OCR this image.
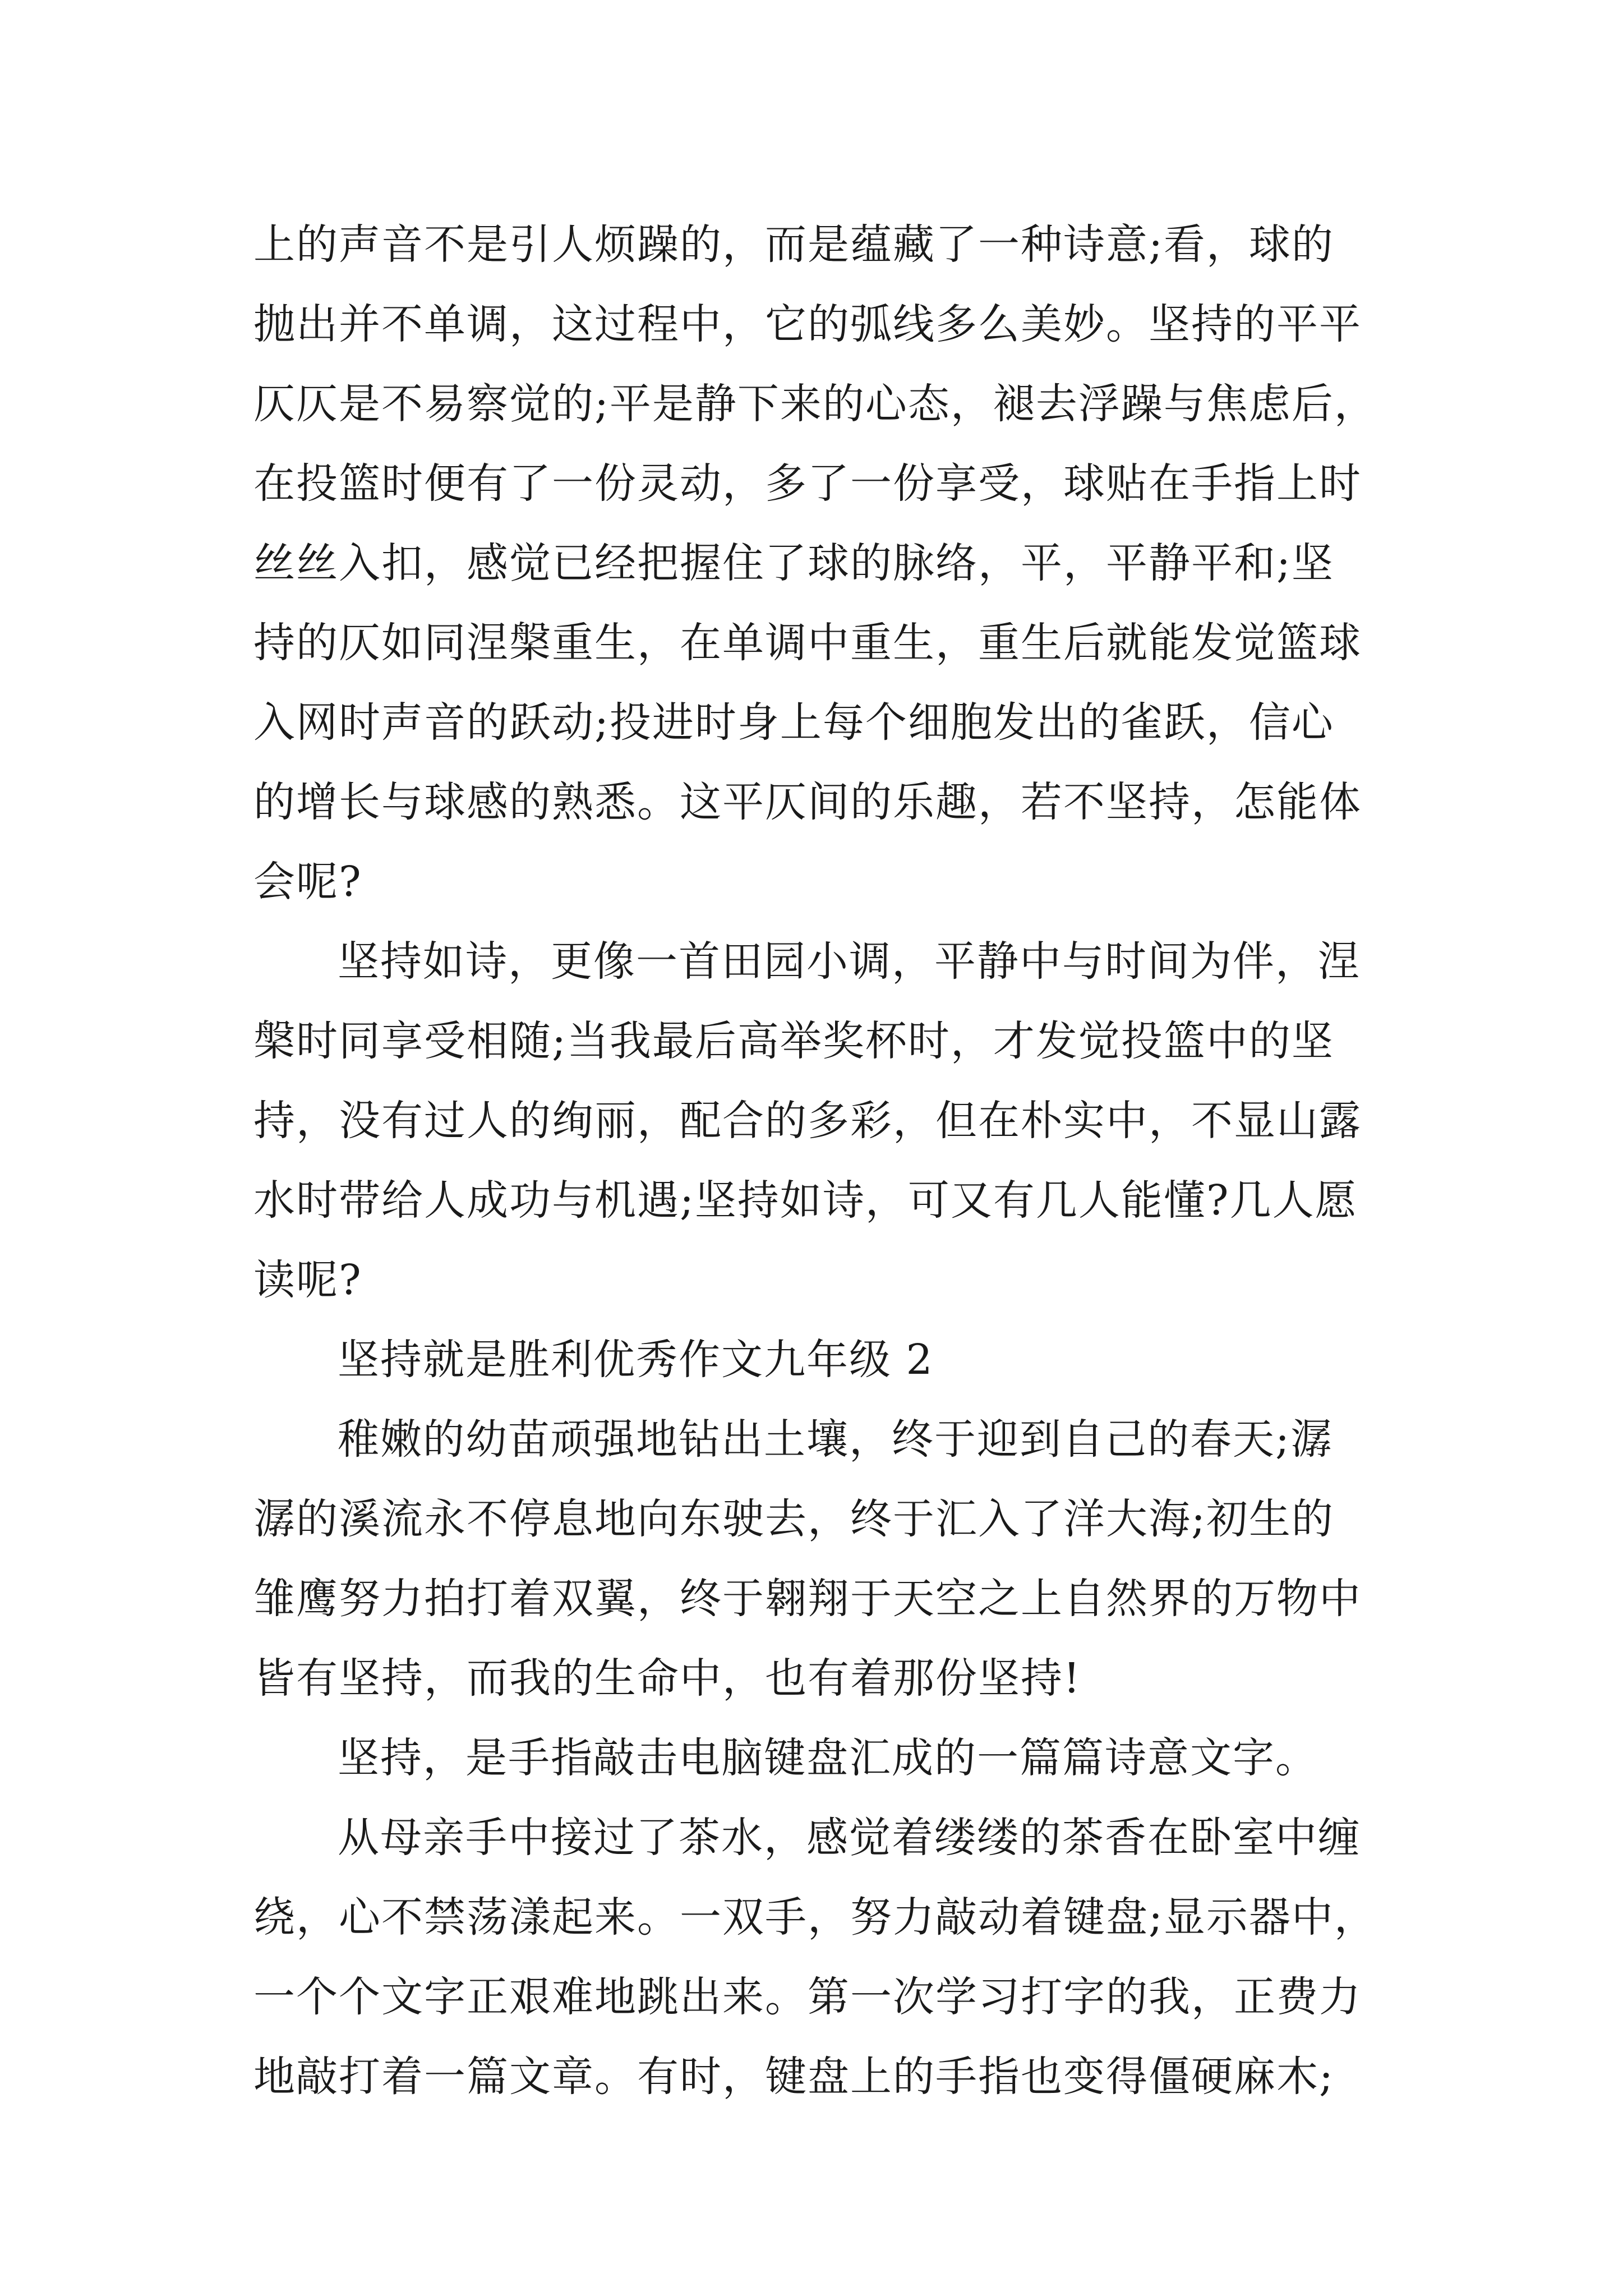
上的声音不是引人烦躁的，而是蕴藏了一种诗意;看，球的
抛出并不单调，这过程中，它的弧线多么美妙。坚持的平平
仄仄是不易察觉的;平是静下来的心态，褪去浮躁与焦虑后，
在投篮时便有了一份灵动，多了一份享受，球贴在手指上时
丝丝入扣，感觉已经把握住了球的脉络，平，平静平和;坚
持的仄如同涅槃重生，在单调中重生，重生后就能发觉篮球
入网时声音的跃动;投进时身上每个细胞发出的雀跃，信心
的增长与球感的熟悉。这平仄间的乐趣，若不坚持，怎能体
会呢?
坚持如诗，更像一首田园小调，平静中与时间为伴，涅
槃时同享受相随;当我最后高举奖杯时，才发觉投篮中的坚
持，没有过人的绚丽，配合的多彩，但在朴实中，不显山露
水时带给人成功与机遇;坚持如诗，可又有几人能懂?几人愿
读呢?
坚持就是胜利优秀作文九年级 2
稚嫩的幼苗顽强地钻出土壤，终于迎到自己的春天;潺
潺的溪流永不停息地向东驶去，终于汇入了洋大海;初生的
雏鹰努力拍打着双翼，终于翱翔于天空之上自然界的万物中
皆有坚持，而我的生命中，也有着那份坚持!
坚持，是手指敲击电脑键盘汇成的一篇篇诗意文字。
从母亲手中接过了茶水，感觉着缕缕的茶香在卧室中缠
绕，心不禁荡漾起来。一双手，努力敲动着键盘;显示器中，
一个个文字正艰难地跳出来。第一次学习打字的我，正费力
地敲打着一篇文章。有时，键盘上的手指也变得僵硬麻木;
